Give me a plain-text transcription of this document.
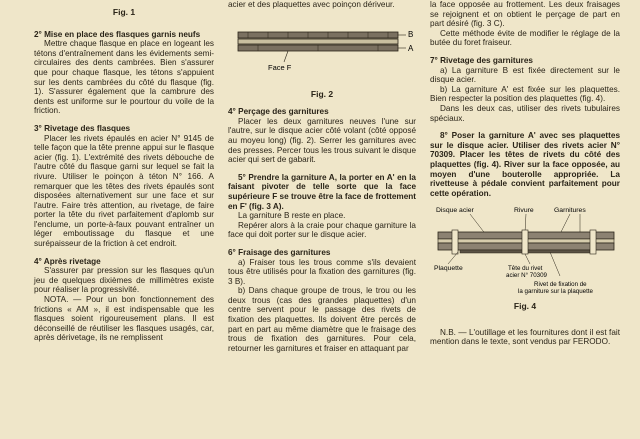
Fig. 1

2° Mise en place des flasques garnis neufs

Mettre chaque flasque en place en logeant les tétons d'entraînement dans les évidements semi-circulaires des dents cambrées. Bien s'assurer que pour chaque flasque, les tétons s'appuient sur les dents cambrées du côté du flasque (fig. 1). S'assurer également que la cambrure des dents est uniforme sur le pourtour du voile de la friction.

3° Rivetage des flasques

Placer les rivets épaulés en acier N° 9145 de telle façon que la tête prenne appui sur le flasque acier (fig. 1). L'extrémité des rivets débouche de l'autre côté du flasque garni sur lequel se fait la rivure. Utiliser le poinçon à téton N° 166. A remarquer que les têtes des rivets épaulés sont disposées alternativement sur une face et sur l'autre. Faire très attention, au rivetage, de faire porter la tête du rivet parfaitement d'aplomb sur l'enclume, un porte-à-faux pouvant entraîner un léger emboutissage du flasque et une surépaisseur de la friction à cet endroit.

4° Après rivetage

S'assurer par pression sur les flasques qu'un jeu de quelques dixièmes de millimètres existe pour réaliser la progressivité.

NOTA. — Pour un bon fonctionnement des frictions « AM », il est indispensable que les flasques soient rigoureusement plans. Il est déconseillé de réutiliser les flasques usagés, car, après dérivetage, ils ne remplissent

acier et des plaquettes avec poinçon dériveur.

B
A
Face F
Fig. 2

4° Perçage des garnitures

Placer les deux garnitures neuves l'une sur l'autre, sur le disque acier côté volant (côté opposé au moyeu long) (fig. 2). Serrer les garnitures avec des presses. Percer tous les trous suivant le disque acier qui sert de gabarit.

5° Prendre la garniture A, la porter en A' en la faisant pivoter de telle sorte que la face supérieure F se trouve être la face de frottement en F' (fig. 3 A).

La garniture B reste en place.

Repérer alors à la craie pour chaque garniture la face qui doit porter sur le disque acier.

6° Fraisage des garnitures

a) Fraiser tous les trous comme s'ils devaient tous être utilisés pour la fixation des garnitures (fig. 3 B).

b) Dans chaque groupe de trous, le trou ou les deux trous (cas des grandes plaquettes) d'un centre servent pour le passage des rivets de fixation des plaquettes. Ils doivent être percés de part en part au même diamètre que le fraisage des trous de fixation des garnitures. Pour cela, retourner les garnitures et fraiser en attaquant par

la face opposée au frottement. Les deux fraisages se rejoignent et on obtient le perçage de part en part désiré (fig. 3 C).

Cette méthode évite de modifier le réglage de la butée du foret fraiseur.

7° Rivetage des garnitures

a) La garniture B est fixée directement sur le disque acier.

b) La garniture A' est fixée sur les plaquettes. Bien respecter la position des plaquettes (fig. 4).

Dans les deux cas, utiliser des rivets tubulaires spéciaux.

8° Poser la garniture A' avec ses plaquettes sur le disque acier. Utiliser des rivets acier N° 70309. Placer les têtes de rivets du côté des plaquettes (fig. 4). River sur la face opposée, au moyen d'une bouterolle appropriée. La rivetteuse à pédale convient parfaitement pour cette opération.

Disque acier	Rivure	Garnitures
Plaquette	Tête du rivet
acier N° 70309
Rivet de fixation de
la garniture sur la plaquette
Fig. 4

N.B. — L'outillage et les fournitures dont il est fait mention dans le texte, sont vendus par FERODO.
